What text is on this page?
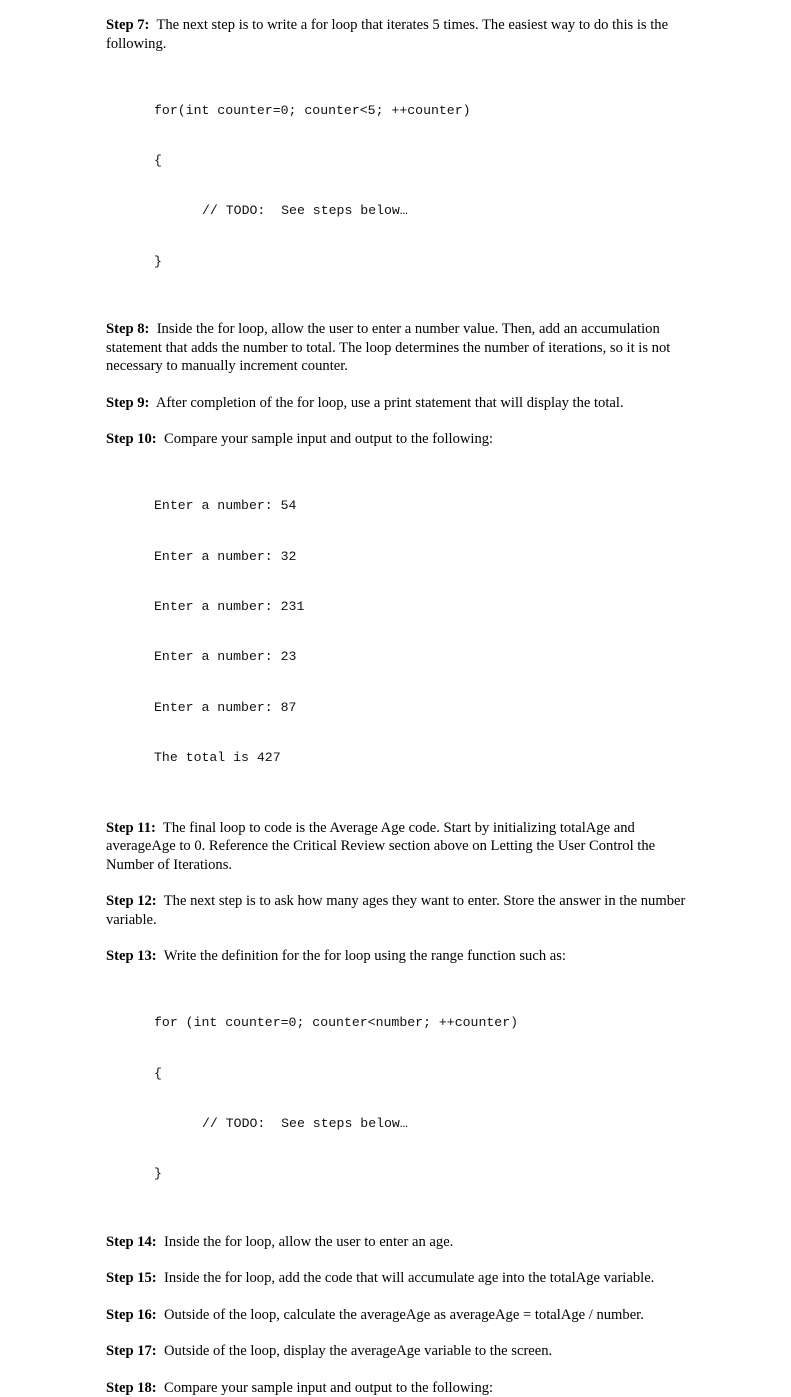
Step 7: The next step is to write a for loop that iterates 5 times. The easiest way to do this is the following.

for(int counter=0; counter<5; ++counter)

{

// TODO:  See steps below…

}

Step 8: Inside the for loop, allow the user to enter a number value. Then, add an accumulation statement that adds the number to total. The loop determines the number of iterations, so it is not necessary to manually increment counter.

Step 9: After completion of the for loop, use a print statement that will display the total.

Step 10: Compare your sample input and output to the following:

Enter a number: 54

Enter a number: 32

Enter a number: 231

Enter a number: 23

Enter a number: 87

The total is 427

Step 11: The final loop to code is the Average Age code. Start by initializing totalAge and averageAge to 0. Reference the Critical Review section above on Letting the User Control the Number of Iterations.

Step 12: The next step is to ask how many ages they want to enter. Store the answer in the number variable.

Step 13: Write the definition for the for loop using the range function such as:

for (int counter=0; counter<number; ++counter)

{

// TODO:  See steps below…

}

Step 14: Inside the for loop, allow the user to enter an age.

Step 15: Inside the for loop, add the code that will accumulate age into the totalAge variable.

Step 16: Outside of the loop, calculate the averageAge as averageAge = totalAge / number.

Step 17: Outside of the loop, display the averageAge variable to the screen.

Step 18: Compare your sample input and output to the following:
